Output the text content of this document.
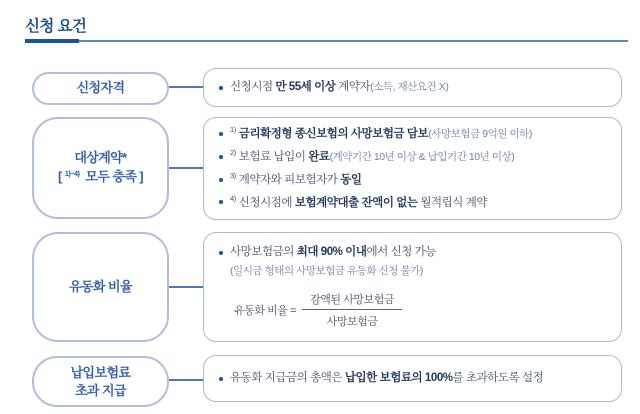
신청 요건
신청자격	신청시점 만 55세 이상 계약자(소득, 재산요건 X)
대상계약*
[ $^{1)\sim 4)}$ 모두 충족 ]
$^{1)}$ 금리확정형 종신보험의 사망보험금 담보(사망보험금 9억원 이하)
$^{2)}$ 보험료 납입이 완료(계약기간 10년 이상 & 납입기간 10년 이상)
$^{3)}$ 계약자와 피보험자가 동일
$^{4)}$ 신청시점에 보험계약대출 잔액이 없는 월적립식 계약
유동화 비율
사망보험금의 최대 90% 이내에서 신청 가능
(일시금 형태의 사망보험금 유동화 신청 불가)
유동화 비율 = $\frac{\text{감액된 사망보험금}}{\text{사망보험금}}$
납입보험료
초과 지급
유동화 지급금의 총액은 납입한 보험료의 100%를 초과하도록 설정
